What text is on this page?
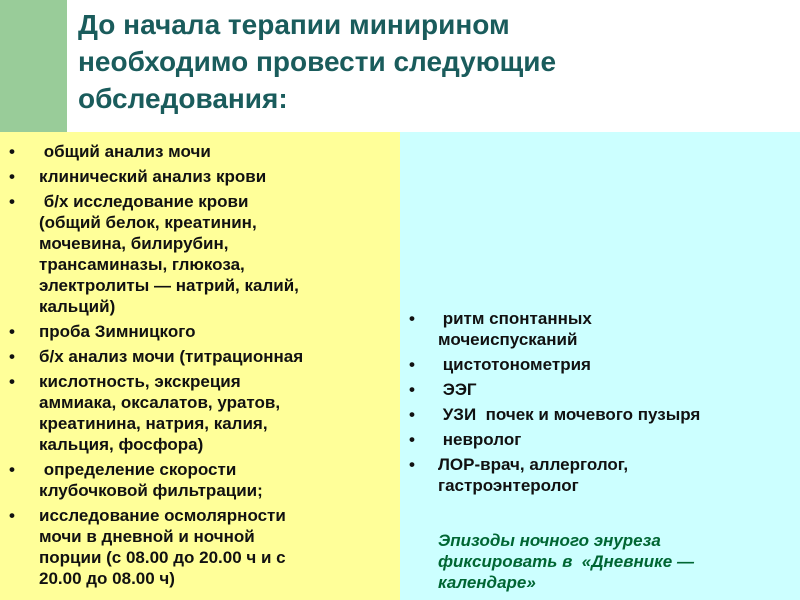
До начала терапии минирином
необходимо провести следующие
обследования:
• общий анализ мочи
• клинический анализ крови
• б/х исследование крови
(общий белок, креатинин,
мочевина, билирубин,
трансаминазы, глюкоза,
электролиты — натрий, калий,
кальций)
• проба Зимницкого
• б/х анализ мочи (титрационная
• кислотность, экскреция
аммиака, оксалатов, уратов,
креатинина, натрия, калия,
кальция, фосфора)
• определение скорости
клубочковой фильтрации;
• исследование осмолярности
мочи в дневной и ночной
порции (с 08.00 до 20.00 ч и с
20.00 до 08.00 ч)
• ритм спонтанных
мочеиспусканий
• цистотонометрия
• ЭЭГ
• УЗИ  почек и мочевого пузыря
• невролог
• ЛОР-врач, аллерголог,
гастроэнтеролог
Эпизоды ночного энуреза
фиксировать в  «Дневнике —
календаре»
